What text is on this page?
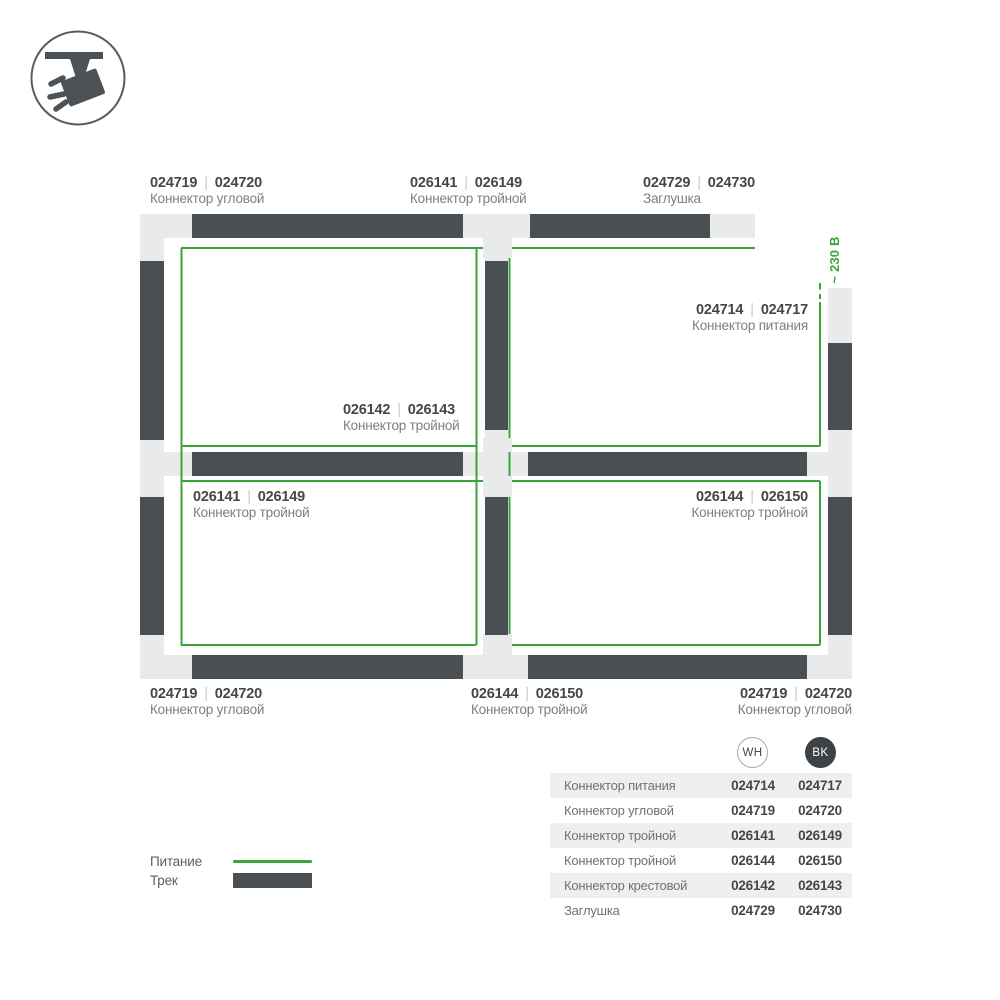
024719 | 024720
Коннектор угловой
026141 | 026149
Коннектор тройной
024729 | 024730
Заглушка
024714 | 024717
Коннектор питания
026142 | 026143
Коннектор тройной
026141 | 026149
Коннектор тройной
026144 | 026150
Коннектор тройной
024719 | 024720
Коннектор угловой
026144 | 026150
Коннектор тройной
024719 | 024720
Коннектор угловой
~ 230 В
Питание
Трек
WH	BK
Коннектор питания	024714	024717
Коннектор угловой	024719	024720
Коннектор тройной	026141	026149
Коннектор тройной	026144	026150
Коннектор крестовой	026142	026143
Заглушка	024729	024730
